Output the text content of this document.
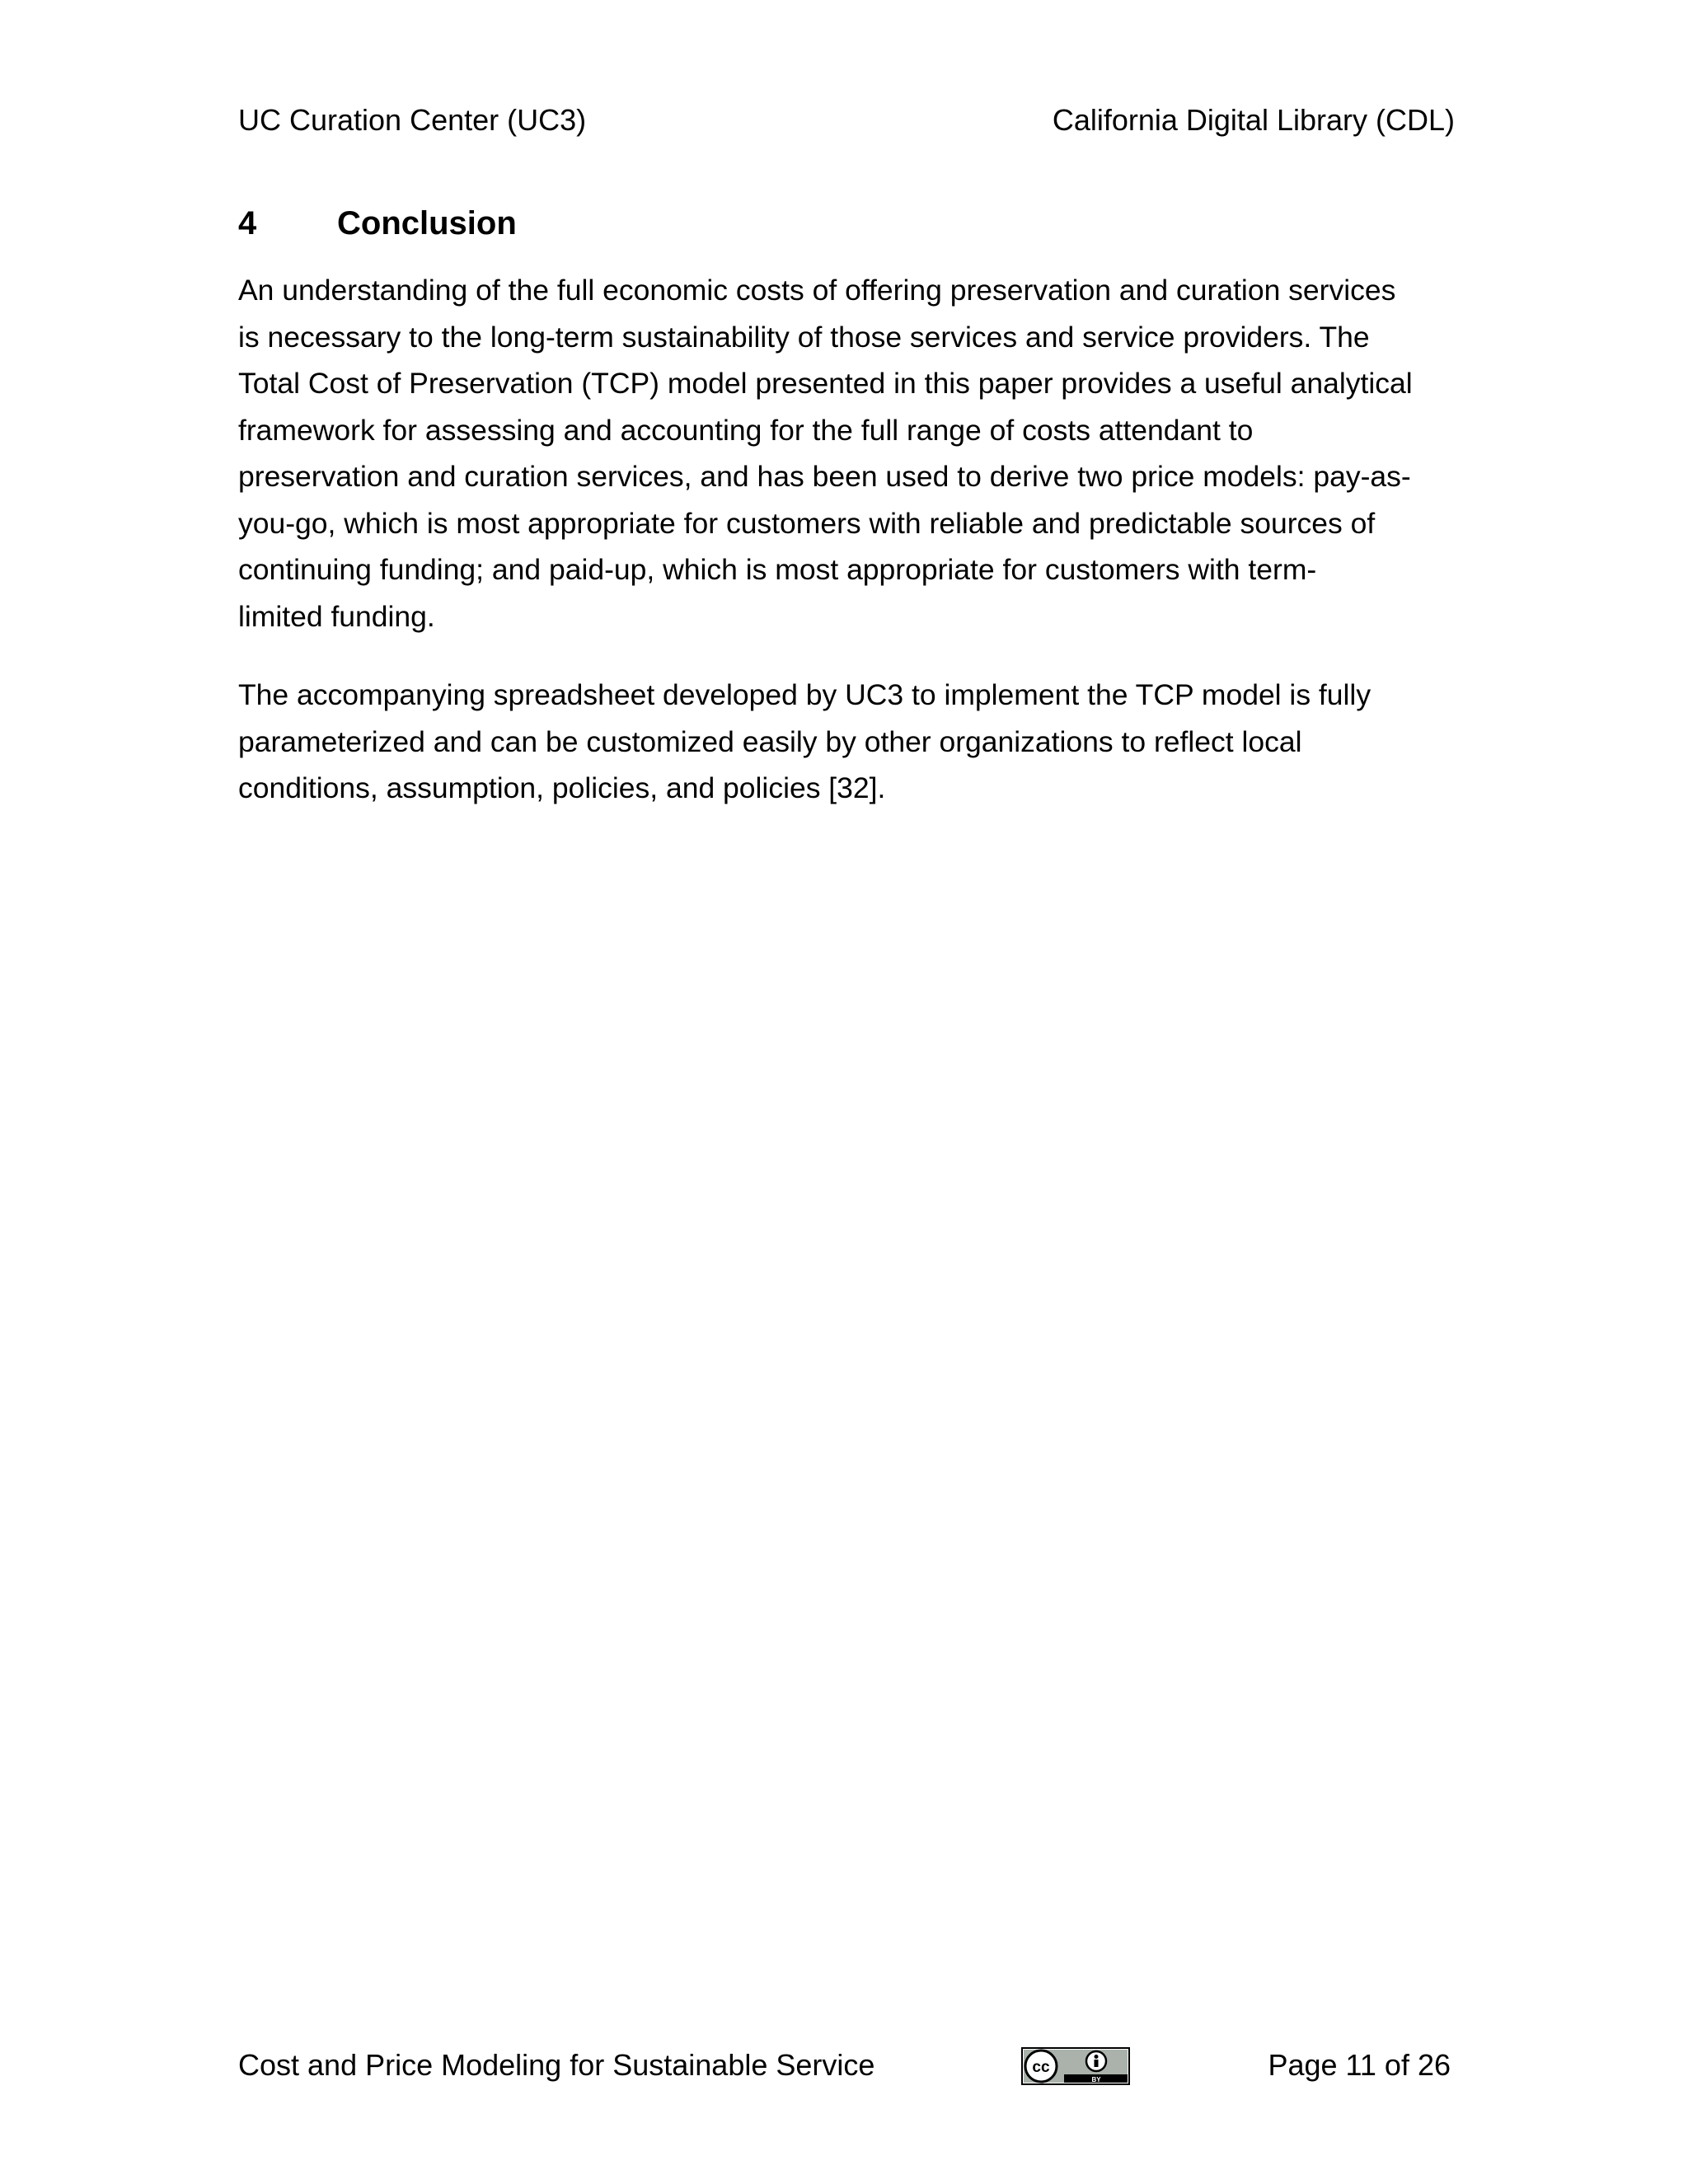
UC Curation Center (UC3)	California Digital Library (CDL)
4 Conclusion

An understanding of the full economic costs of offering preservation and curation services
is necessary to the long-term sustainability of those services and service providers. The
Total Cost of Preservation (TCP) model presented in this paper provides a useful analytical
framework for assessing and accounting for the full range of costs attendant to
preservation and curation services, and has been used to derive two price models: pay-as-
you-go, which is most appropriate for customers with reliable and predictable sources of
continuing funding; and paid-up, which is most appropriate for customers with term-
limited funding.

The accompanying spreadsheet developed by UC3 to implement the TCP model is fully
parameterized and can be customized easily by other organizations to reflect local
conditions, assumption, policies, and policies [32].

Cost and Price Modeling for Sustainable Service	cc
BY	Page 11 of 26
